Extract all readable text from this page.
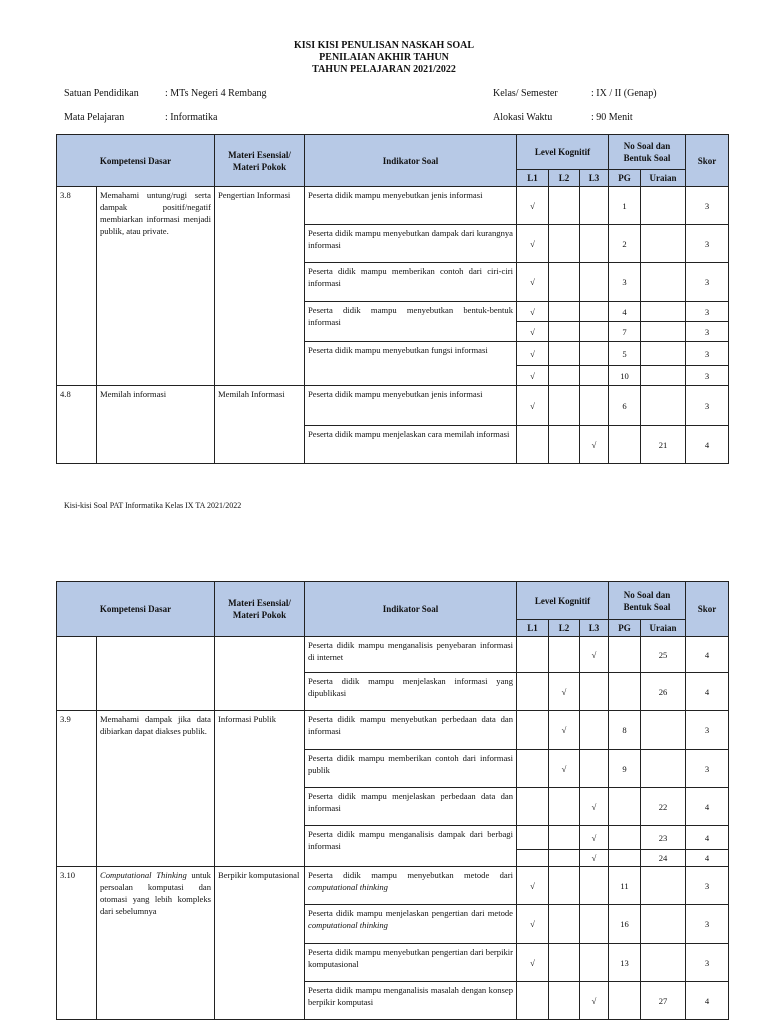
KISI KISI PENULISAN NASKAH SOAL
PENILAIAN AKHIR TAHUN
TAHUN PELAJARAN 2021/2022
Satuan Pendidikan	: MTs Negeri 4 Rembang	Kelas/ Semester	: IX / II (Genap)
Mata Pelajaran	: Informatika	Alokasi Waktu	: 90 Menit
Kompetensi Dasar		Materi Esensial/ Materi Pokok	Indikator Soal	Level Kognitif			No Soal dan Bentuk Soal		Skor
				L1	L2	L3	PG	Uraian	
3.8	Memahami untung/rugi serta dampak positif/negatif membiarkan informasi menjadi publik, atau private.	Pengertian Informasi	Peserta didik mampu menyebutkan jenis informasi	√			1		3
			Peserta didik mampu menyebutkan dampak dari kurangnya informasi	√			2		3
			Peserta didik mampu memberikan contoh dari ciri-ciri informasi	√			3		3
			Peserta didik mampu menyebutkan bentuk-bentuk informasi	√			4		3
				√			7		3
			Peserta didik mampu menyebutkan fungsi informasi	√			5		3
				√			10		3
4.8	Memilah informasi	Memilah Informasi	Peserta didik mampu menyebutkan jenis informasi	√			6		3
			Peserta didik mampu menjelaskan cara memilah informasi			√		21	4
Kisi-kisi Soal PAT Informatika Kelas IX TA 2021/2022
Kompetensi Dasar		Materi Esensial/ Materi Pokok	Indikator Soal	Level Kognitif			No Soal dan Bentuk Soal		Skor
				L1	L2	L3	PG	Uraian	
			Peserta didik mampu menganalisis penyebaran informasi di internet			√		25	4
			Peserta didik mampu menjelaskan informasi yang dipublikasi		√			26	4
3.9	Memahami dampak jika data dibiarkan dapat diakses publik.	Informasi Publik	Peserta didik mampu menyebutkan perbedaan data dan informasi		√		8		3
			Peserta didik mampu memberikan contoh dari informasi publik		√		9		3
			Peserta didik mampu menjelaskan perbedaan data dan informasi			√		22	4
			Peserta didik mampu menganalisis dampak dari berbagi informasi			√		23	4
						√		24	4
3.10	Computational Thinking untuk persoalan komputasi dan otomasi yang lebih kompleks dari sebelumnya	Berpikir komputasional	Peserta didik mampu menyebutkan metode dari computational thinking	√			11		3
			Peserta didik mampu menjelaskan pengertian dari metode computational thinking	√			16		3
			Peserta didik mampu menyebutkan pengertian dari berpikir komputasional	√			13		3
			Peserta didik mampu menganalisis masalah dengan konsep berpikir komputasi			√		27	4
